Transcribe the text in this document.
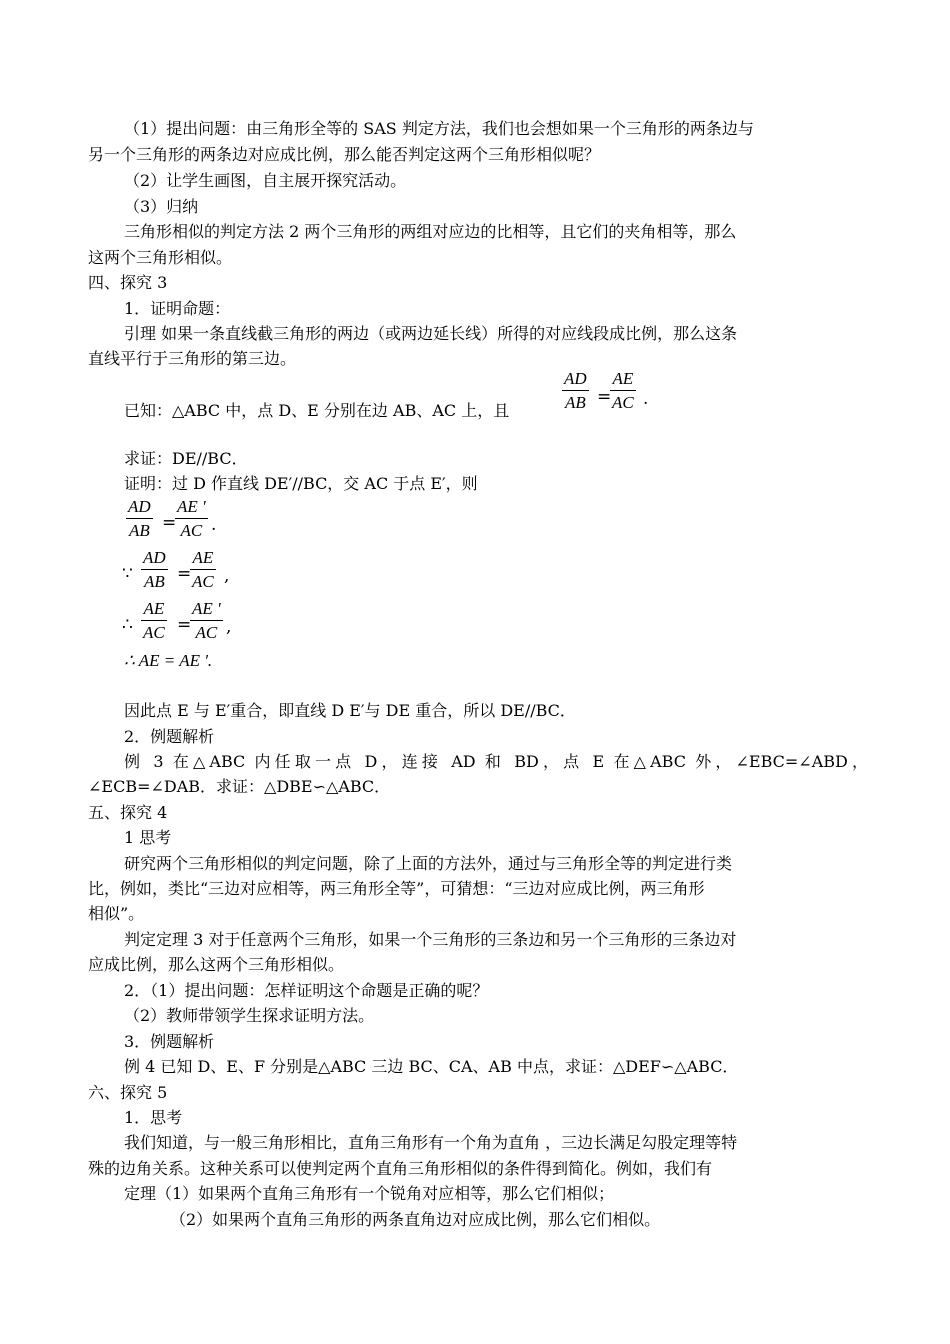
（1）提出问题：由三角形全等的 SAS 判定方法，我们也会想如果一个三角形的两条边与
另一个三角形的两条边对应成比例，那么能否判定这两个三角形相似呢？
（2）让学生画图，自主展开探究活动。
（3）归纳
三角形相似的判定方法 2 两个三角形的两组对应边的比相等，且它们的夹角相等，那么
这两个三角形相似。
四、探究 3
1．证明命题：
引理 如果一条直线截三角形的两边（或两边延长线）所得的对应线段成比例，那么这条
直线平行于三角形的第三边。
已知：△ABC 中，点 D、E 分别在边 AB、AC 上，且	$\frac{AD}{AB}$ =
$\frac{AE}{AC}$ .
求证：DE//BC．
证明：过 D 作直线 DE′//BC，交 AC 于点 E′，则
$\frac{AD}{AB}$ =
$\frac{AE '}{AC}$ .
∵ $\frac{AD}{AB}$ =
$\frac{AE}{AC}$ ,
∴ $\frac{AE}{AC}$ =
$\frac{AE '}{AC}$ ,
∴ AE = AE '.
因此点 E 与 E′重合，即直线 D E′与 DE 重合，所以 DE//BC．
2．例题解析
例 3 在△ABC 内任取一点 D，连接 AD 和 BD，点 E 在△ABC 外，∠EBC=∠ABD，
∠ECB=∠DAB．求证：△DBE∽△ABC．
五、探究 4
1 思考
研究两个三角形相似的判定问题，除了上面的方法外，通过与三角形全等的判定进行类
比，例如，类比“三边对应相等，两三角形全等”，可猜想：“三边对应成比例，两三角形
相似”。
判定定理 3 对于任意两个三角形，如果一个三角形的三条边和另一个三角形的三条边对
应成比例，那么这两个三角形相似。
2．（1）提出问题：怎样证明这个命题是正确的呢？
（2）教师带领学生探求证明方法。
3．例题解析
例 4 已知 D、E、F 分别是△ABC 三边 BC、CA、AB 中点，求证：△DEF∽△ABC．
六、探究 5
1．思考
我们知道，与一般三角形相比，直角三角形有一个角为直角 ，三边长满足勾股定理等特
殊的边角关系。这种关系可以使判定两个直角三角形相似的条件得到简化。例如，我们有
定理（1）如果两个直角三角形有一个锐角对应相等，那么它们相似；
（2）如果两个直角三角形的两条直角边对应成比例，那么它们相似。
